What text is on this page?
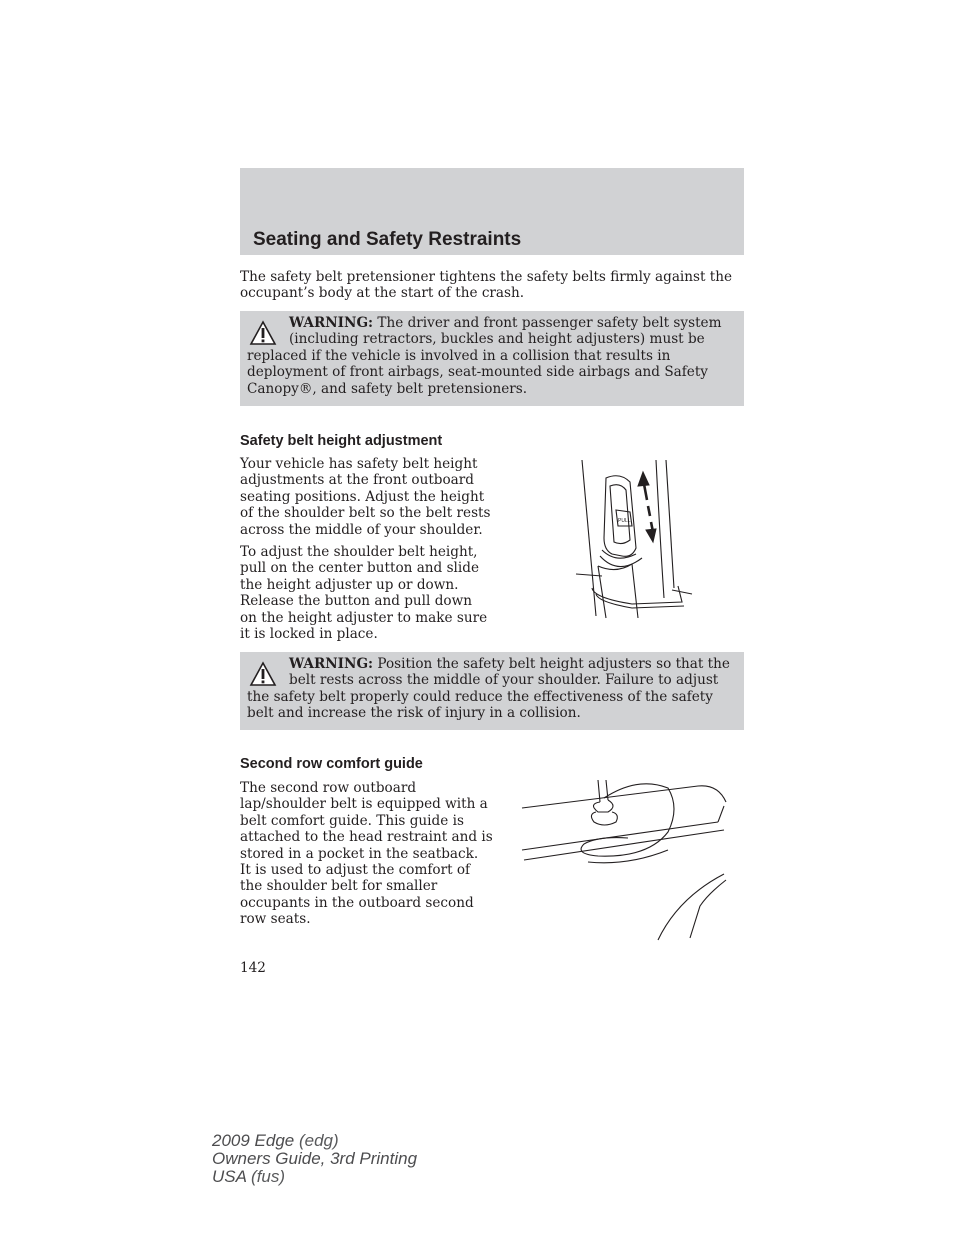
Seating and Safety Restraints

The safety belt pretensioner tightens the safety belts firmly against the
occupant’s body at the start of the crash.

WARNING: The driver and front passenger safety belt system

(including retractors, buckles and height adjusters) must be

replaced if the vehicle is involved in a collision that results in
deployment of front airbags, seat-mounted side airbags and Safety
Canopy®, and safety belt pretensioners.

Safety belt height adjustment

Your vehicle has safety belt height
adjustments at the front outboard
seating positions. Adjust the height
of the shoulder belt so the belt rests
across the middle of your shoulder.

To adjust the shoulder belt height,
pull on the center button and slide
the height adjuster up or down.
Release the button and pull down
on the height adjuster to make sure
it is locked in place.

PULL

WARNING: Position the safety belt height adjusters so that the

belt rests across the middle of your shoulder. Failure to adjust

the safety belt properly could reduce the effectiveness of the safety
belt and increase the risk of injury in a collision.

Second row comfort guide

The second row outboard
lap/shoulder belt is equipped with a
belt comfort guide. This guide is
attached to the head restraint and is
stored in a pocket in the seatback.
It is used to adjust the comfort of
the shoulder belt for smaller
occupants in the outboard second
row seats.

142
2009 Edge (edg)
Owners Guide, 3rd Printing
USA (fus)
